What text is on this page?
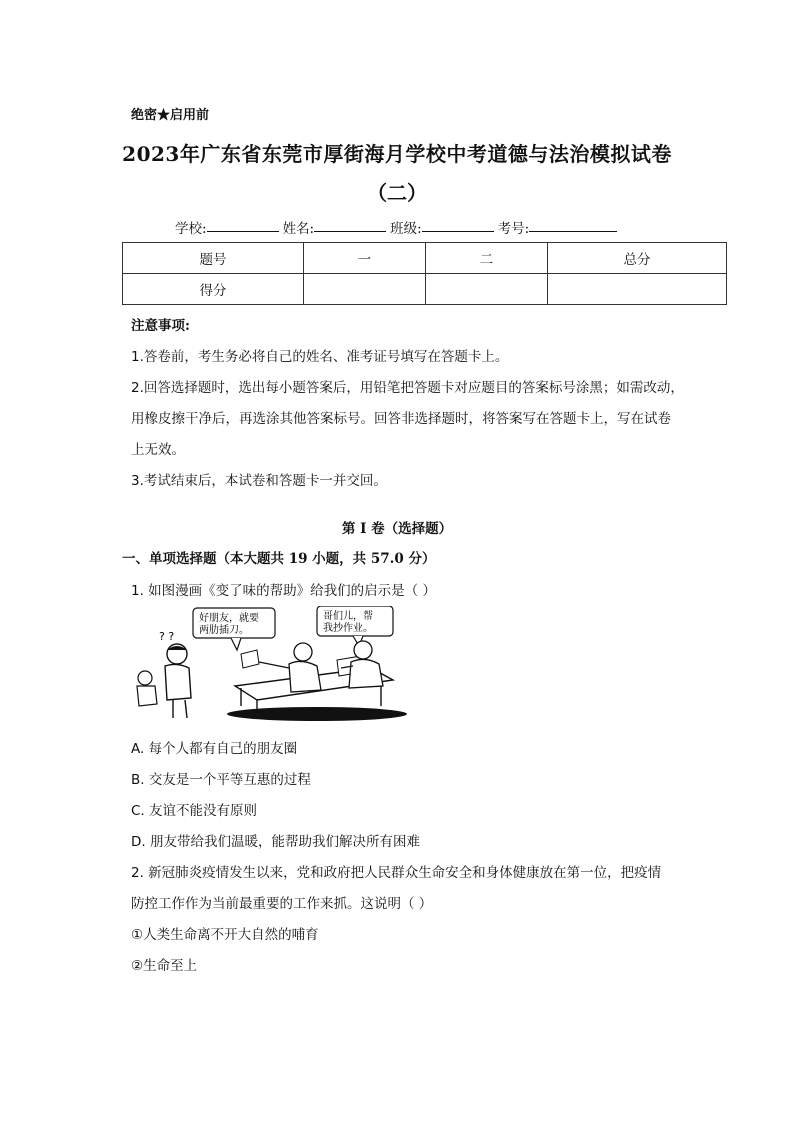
绝密★启用前
2023年广东省东莞市厚街海月学校中考道德与法治模拟试卷
（二）
学校:	姓名:	班级:	考号:
题号	一	二	总分
得分			
注意事项:
1.答卷前，考生务必将自己的姓名、准考证号填写在答题卡上。
2.回答选择题时，选出每小题答案后，用铅笔把答题卡对应题目的答案标号涂黑；如需改动，
用橡皮擦干净后，再选涂其他答案标号。回答非选择题时，将答案写在答题卡上，写在试卷
上无效。
3.考试结束后，本试卷和答题卡一并交回。
第 I 卷（选择题）
一、单项选择题（本大题共 19 小题，共 57.0 分）
1. 如图漫画《变了味的帮助》给我们的启示是（ ）
好朋友，就要
两肋插刀。
哥们儿，帮
我抄作业。
? ?
A. 每个人都有自己的朋友圈
B. 交友是一个平等互惠的过程
C. 友谊不能没有原则
D. 朋友带给我们温暖，能帮助我们解决所有困难
2. 新冠肺炎疫情发生以来，党和政府把人民群众生命安全和身体健康放在第一位，把疫情
防控工作作为当前最重要的工作来抓。这说明（ ）
①人类生命离不开大自然的哺育
②生命至上
